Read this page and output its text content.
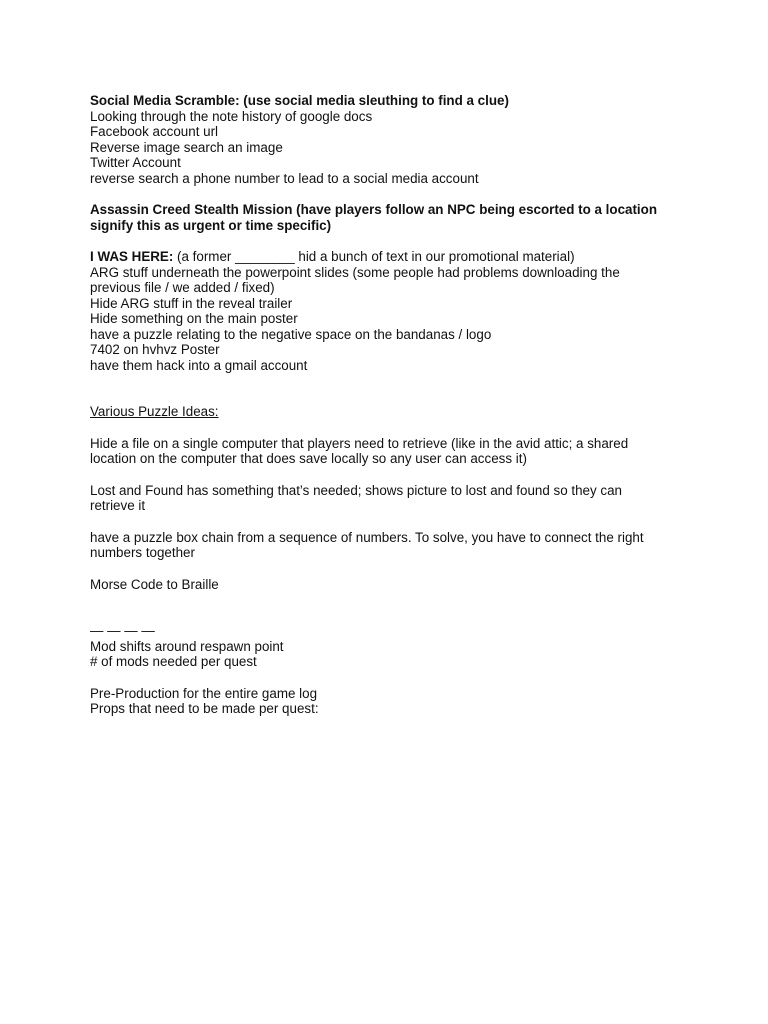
Social Media Scramble: (use social media sleuthing to find a clue)

Looking through the note history of google docs

Facebook account url

Reverse image search an image

Twitter Account

reverse search a phone number to lead to a social media account

Assassin Creed Stealth Mission (have players follow an NPC being escorted to a location

signify this as urgent or time specific)

I WAS HERE: (a former ________ hid a bunch of text in our promotional material)

ARG stuff underneath the powerpoint slides (some people had problems downloading the

previous file / we added / fixed)

Hide ARG stuff in the reveal trailer

Hide something on the main poster

have a puzzle relating to the negative space on the bandanas / logo

7402 on hvhvz Poster

have them hack into a gmail account

Various Puzzle Ideas:

Hide a file on a single computer that players need to retrieve (like in the avid attic; a shared

location on the computer that does save locally so any user can access it)

Lost and Found has something that’s needed; shows picture to lost and found so they can

retrieve it

have a puzzle box chain from a sequence of numbers. To solve, you have to connect the right

numbers together

Morse Code to Braille

— — — —

Mod shifts around respawn point

# of mods needed per quest

Pre-Production for the entire game log

Props that need to be made per quest:
